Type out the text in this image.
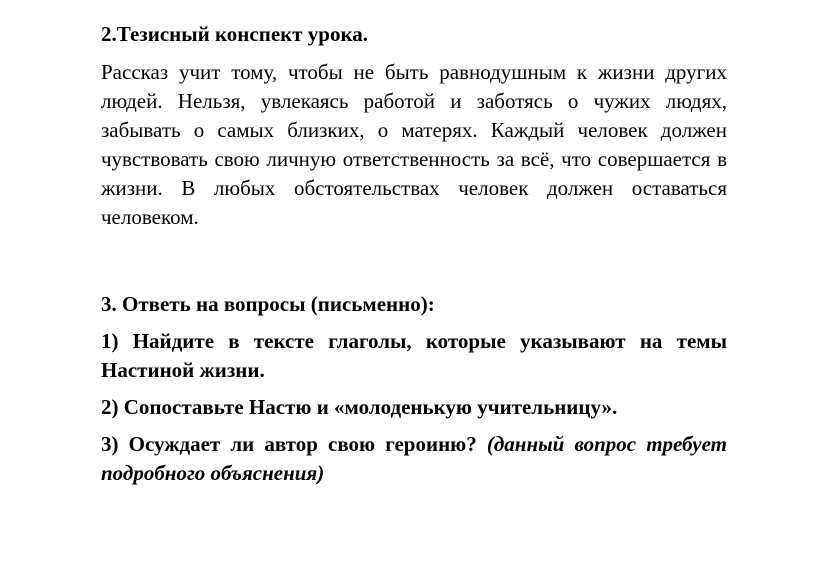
2.Тезисный конспект урока.

Рассказ учит тому, чтобы не быть равнодушным к жизни других людей. Нельзя, увлекаясь работой и заботясь о чужих людях, забывать о самых близких, о матерях. Каждый человек должен чувствовать свою личную ответственность за всё, что совершается в жизни. В любых обстоятельствах человек должен оставаться человеком.

3. Ответь на вопросы (письменно):

1) Найдите в тексте глаголы, которые указывают на темы Настиной жизни.

2) Сопоставьте Настю и «молоденькую учительницу».

3) Осуждает ли автор свою героиню? (данный вопрос требует подробного объяснения)
